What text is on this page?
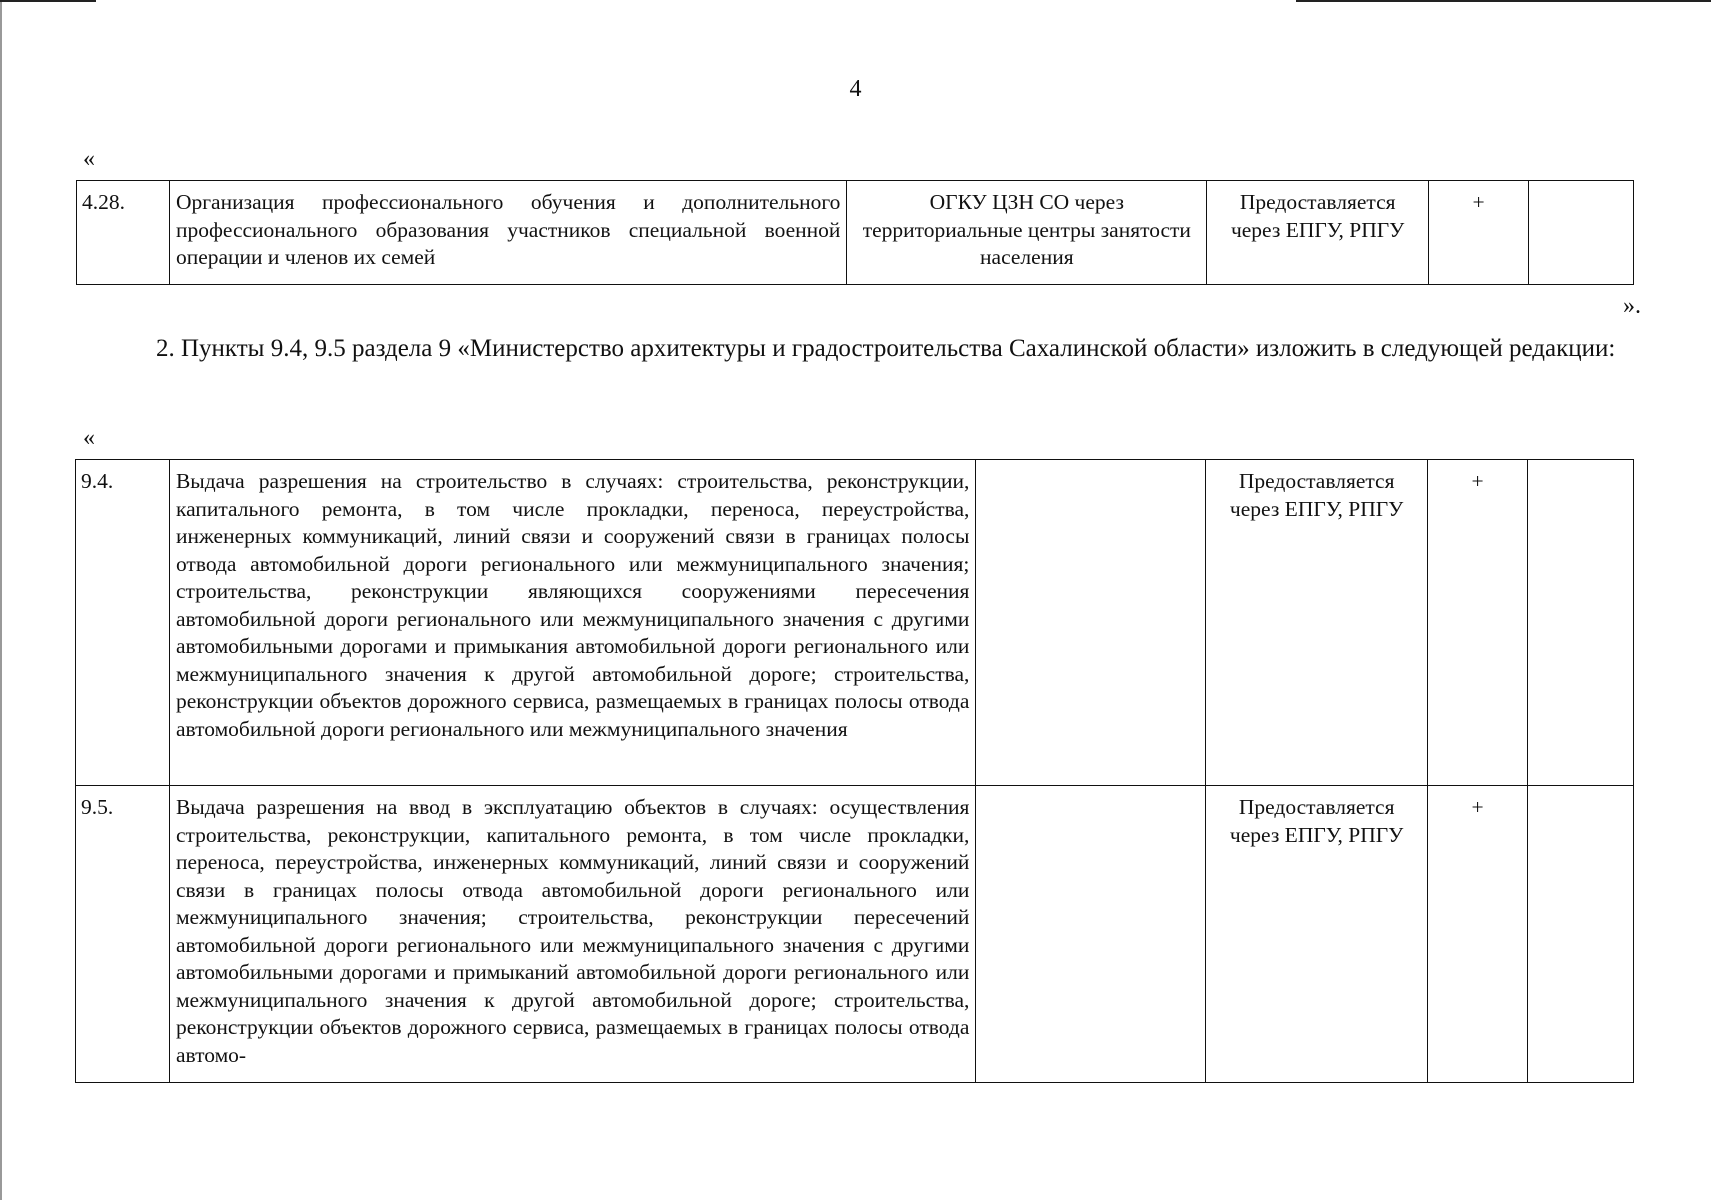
4
«
4.28.	Организация профессионального обучения и дополнительного профессионального образования участников специальной военной операции и членов их семей	ОГКУ ЦЗН СО через территориальные центры занятости населения	Предоставляется через ЕПГУ, РПГУ	+	
».
2. Пункты 9.4, 9.5 раздела 9 «Министерство архитектуры и градостроительства Сахалинской области» изложить в следующей редакции:
«
9.4.	Выдача разрешения на строительство в случаях: строительства, реконструкции, капитального ремонта, в том числе прокладки, переноса, переустройства, инженерных коммуникаций, линий связи и сооружений связи в границах полосы отвода автомобильной дороги регионального или межмуниципального значения; строительства, реконструкции являющихся сооружениями пересечения автомобильной дороги регионального или межмуниципального значения с другими автомобильными дорогами и примыкания автомобильной дороги регионального или межмуниципального значения к другой автомобильной дороге; строительства, реконструкции объектов дорожного сервиса, размещаемых в границах полосы отвода автомобильной дороги регионального или межмуниципального значения		Предоставляется через ЕПГУ, РПГУ	+	
9.5.	Выдача разрешения на ввод в эксплуатацию объектов в случаях: осуществления строительства, реконструкции, капитального ремонта, в том числе прокладки, переноса, переустройства, инженерных коммуникаций, линий связи и сооружений связи в границах полосы отвода автомобильной дороги регионального или межмуниципального значения; строительства, реконструкции пересечений автомобильной дороги регионального или межмуниципального значения с другими автомобильными дорогами и примыканий автомобильной дороги регионального или межмуниципального значения к другой автомобильной дороге; строительства, реконструкции объектов дорожного сервиса, размещаемых в границах полосы отвода автомо-		Предоставляется через ЕПГУ, РПГУ	+	
